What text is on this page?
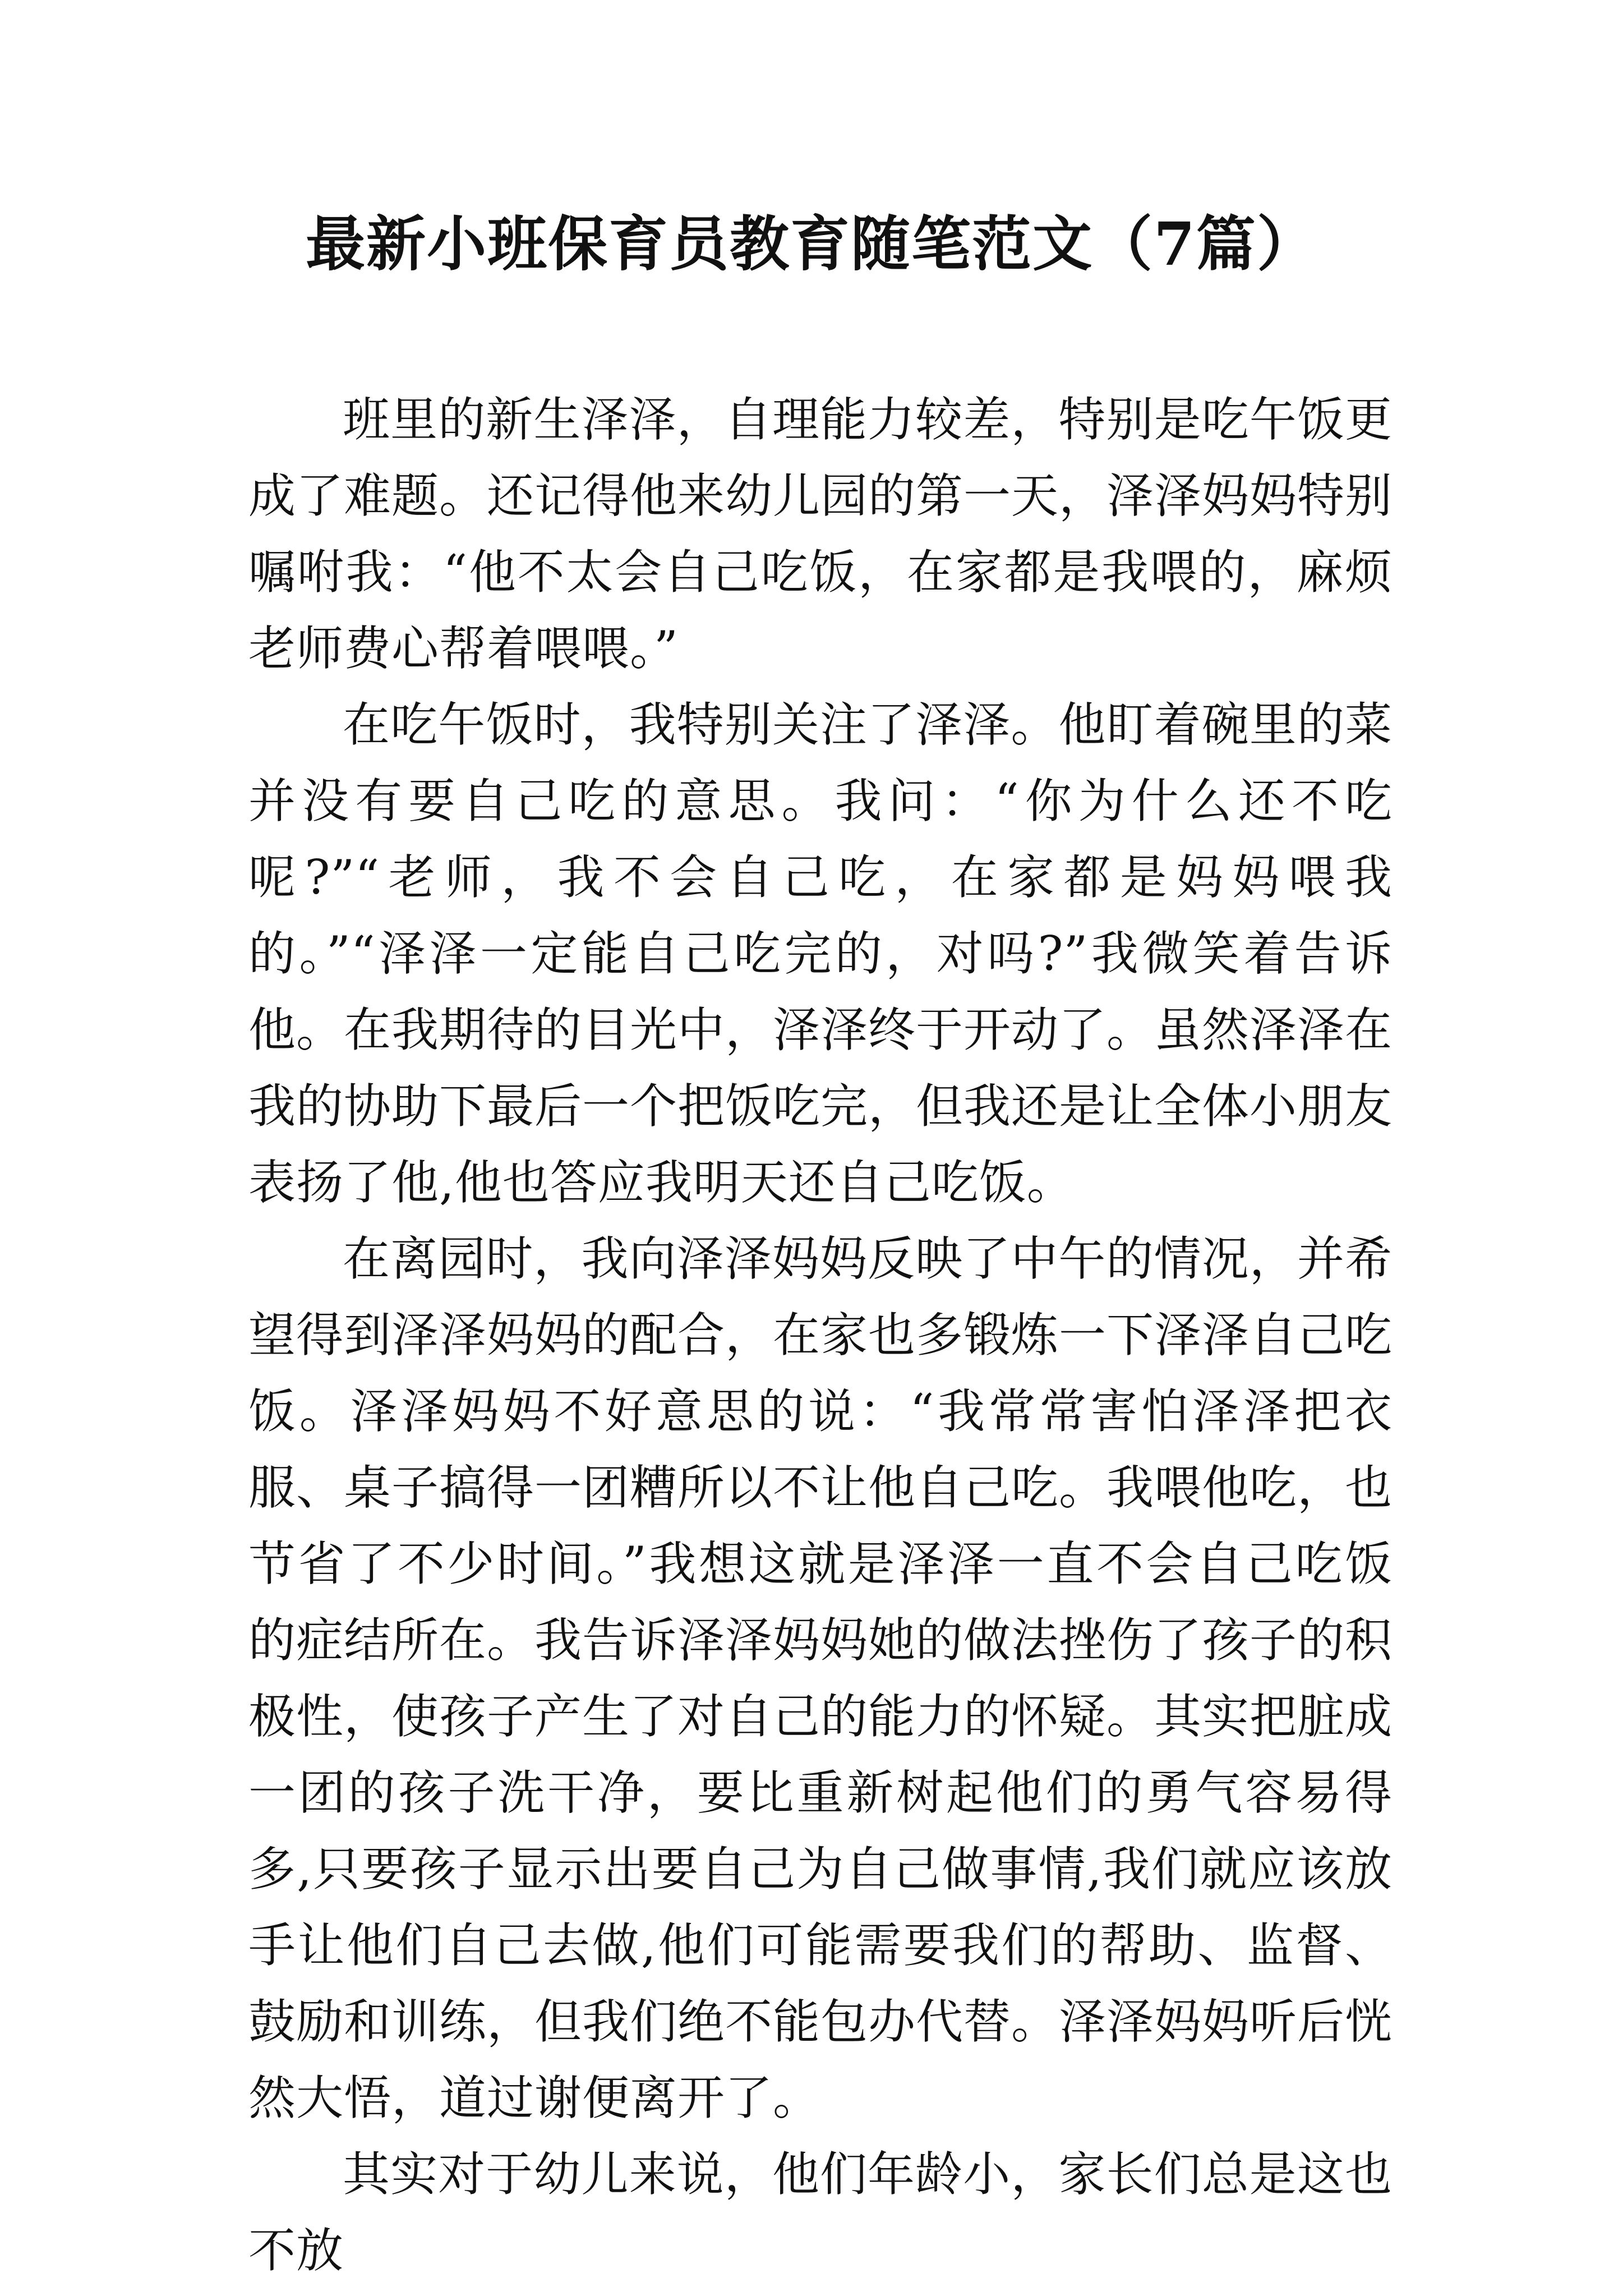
最新小班保育员教育随笔范文（7篇）

班里的新生泽泽，自理能力较差，特别是吃午饭更成了难题。还记得他来幼儿园的第一天，泽泽妈妈特别嘱咐我：“他不太会自己吃饭，在家都是我喂的，麻烦老师费心帮着喂喂。”

在吃午饭时，我特别关注了泽泽。他盯着碗里的菜并没有要自己吃的意思。我问：“你为什么还不吃呢?”“老师，我不会自己吃，在家都是妈妈喂我的。”“泽泽一定能自己吃完的，对吗?”我微笑着告诉他。在我期待的目光中，泽泽终于开动了。虽然泽泽在我的协助下最后一个把饭吃完，但我还是让全体小朋友表扬了他,他也答应我明天还自己吃饭。

在离园时，我向泽泽妈妈反映了中午的情况，并希望得到泽泽妈妈的配合，在家也多锻炼一下泽泽自己吃饭。泽泽妈妈不好意思的说：“我常常害怕泽泽把衣服、桌子搞得一团糟所以不让他自己吃。我喂他吃，也节省了不少时间。”我想这就是泽泽一直不会自己吃饭的症结所在。我告诉泽泽妈妈她的做法挫伤了孩子的积极性，使孩子产生了对自己的能力的怀疑。其实把脏成一团的孩子洗干净，要比重新树起他们的勇气容易得多,只要孩子显示出要自己为自己做事情,我们就应该放手让他们自己去做,他们可能需要我们的帮助、监督、鼓励和训练，但我们绝不能包办代替。泽泽妈妈听后恍然大悟，道过谢便离开了。

其实对于幼儿来说，他们年龄小，家长们总是这也不放
